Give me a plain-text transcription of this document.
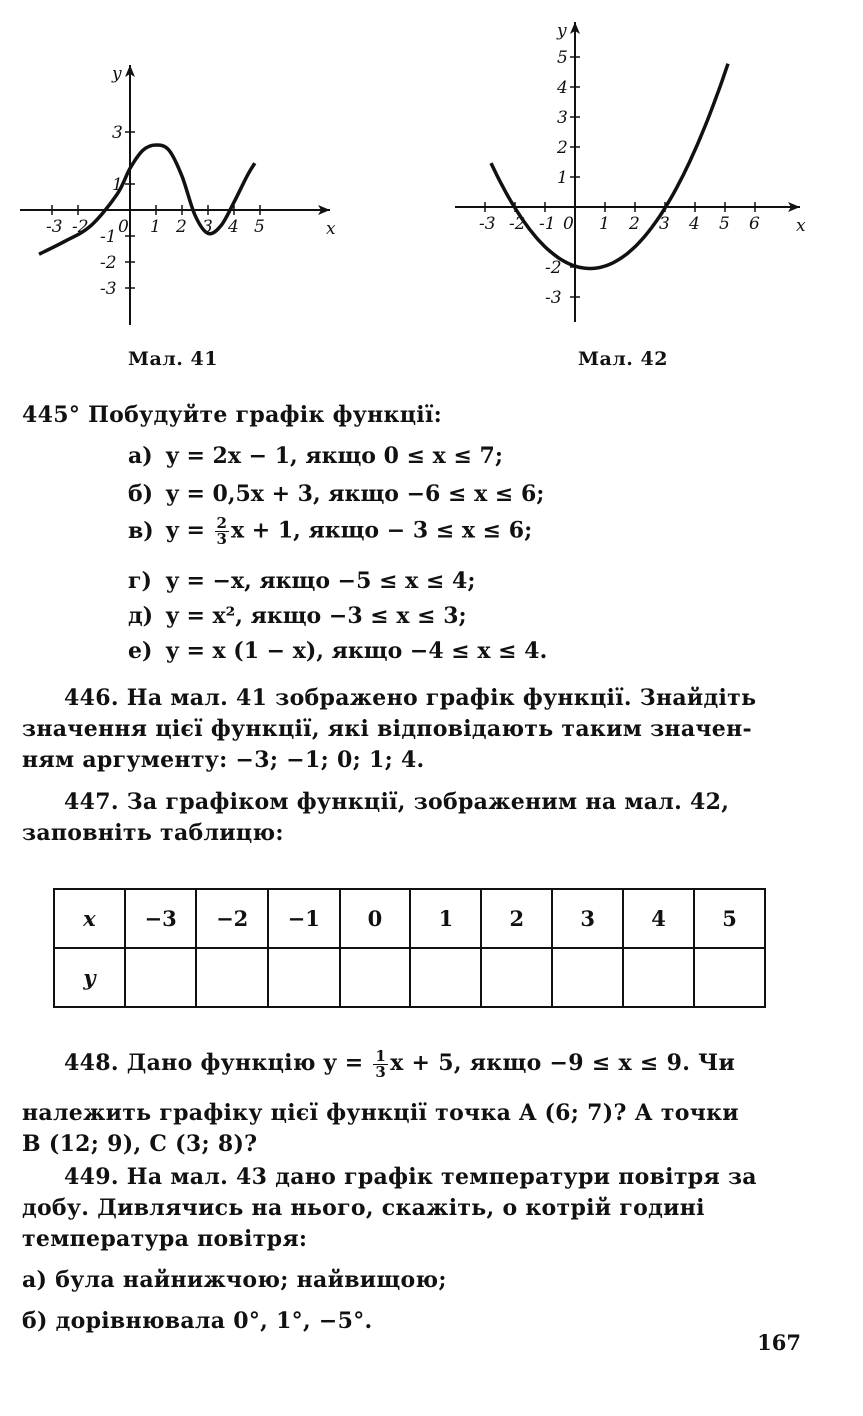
x
y
-3 -2 0 1 2 3 4 5
3
1
-1
-2
-3
Мал. 41
x
y
-3 -2 -1 0 1 2 3 4 5 6
5
4
3
2
1
-2
-3
Мал. 42
445° Побудуйте графік функції:
а) y = 2x − 1, якщо 0 ≤ x ≤ 7;
б) y = 0,5x + 3, якщо −6 ≤ x ≤ 6;
в) $y = \frac{2}{3}$ x + 1, якщо − 3 ≤ x ≤ 6;
г) y = −x, якщо −5 ≤ x ≤ 4;
д) y = x², якщо −3 ≤ x ≤ 3;
е) y = x (1 − x), якщо −4 ≤ x ≤ 4.
446. На мал. 41 зображено графік функції. Знайдіть
значення цієї функції, які відповідають таким значен-
ням аргументу: −3; −1; 0; 1; 4.
447. За графіком функції, зображеним на мал. 42,
заповніть таблицю:
x	−3	−2	−1	0	1	2	3	4	5
y									
448. Дано функцію $y = \frac{1}{3}$ x + 5, якщо −9 ≤ x ≤ 9. Чи
належить графіку цієї функції точка A (6; 7)? А точки
B (12; 9), C (3; 8)?
449. На мал. 43 дано графік температури повітря за
добу. Дивлячись на нього, скажіть, о котрій годині
температура повітря:
а) була найнижчою; найвищою;
б) дорівнювала 0°, 1°, −5°.
167
